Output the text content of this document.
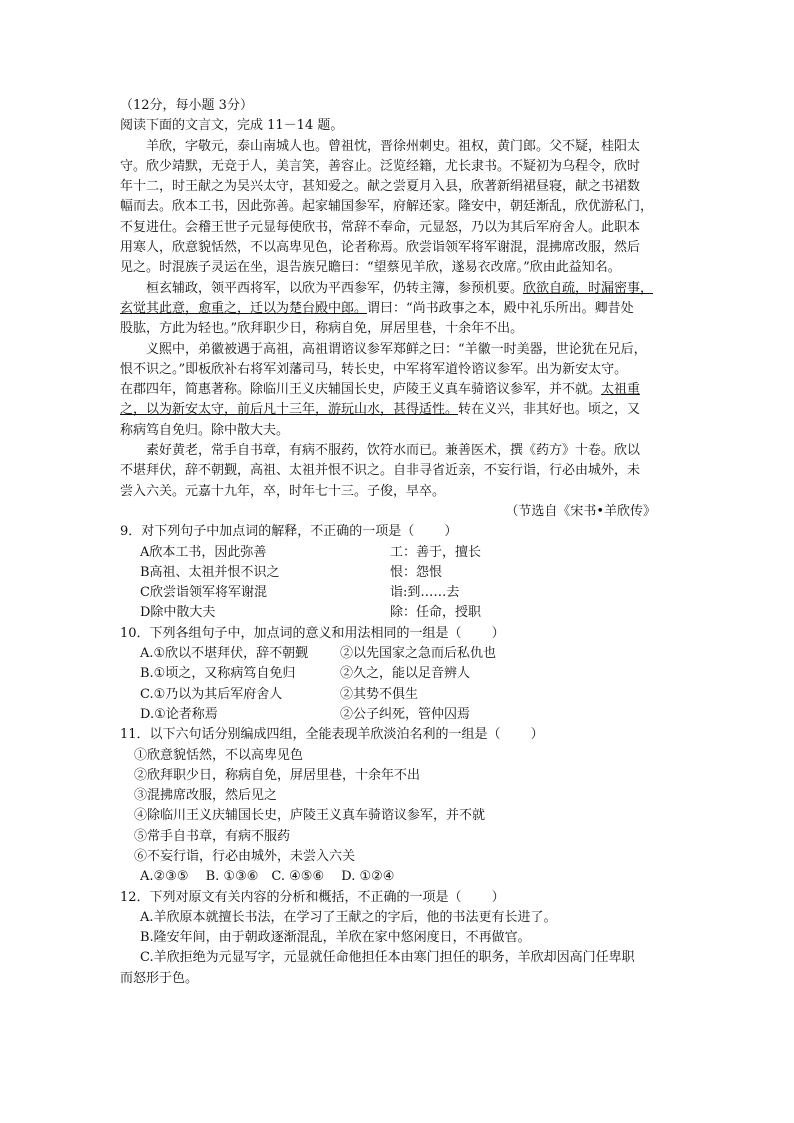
（12分，每小题 3分）
阅读下面的文言文，完成 11－14 题。
羊欣，字敬元，泰山南城人也。曾祖忱，晋徐州刺史。祖权，黄门郎。父不疑，桂阳太
守。欣少靖默，无竞于人，美言笑，善容止。泛览经籍，尤长隶书。不疑初为乌程令，欣时
年十二，时王献之为吴兴太守，甚知爱之。献之尝夏月入县，欣著新绢裙昼寝，献之书裙数
幅而去。欣本工书，因此弥善。起家辅国参军，府解还家。隆安中，朝廷渐乱，欣优游私门，
不复进仕。会稽王世子元显每使欣书，常辞不奉命，元显怒，乃以为其后军府舍人。此职本
用寒人，欣意貌恬然，不以高卑见色，论者称焉。欣尝诣领军将军谢混，混拂席改服，然后
见之。时混族子灵运在坐，退告族兄瞻曰：“望蔡见羊欣，遂易衣改席。”欣由此益知名。
桓玄辅政，领平西将军，以欣为平西参军，仍转主簿，参预机要。欣欲自疏，时漏密事，
玄觉其此意，愈重之，迁以为楚台殿中郎。谓曰：“尚书政事之本，殿中礼乐所出。卿昔处
股肱，方此为轻也。”欣拜职少日，称病自免，屏居里巷，十余年不出。
义熙中，弟徽被遇于高祖，高祖谓谘议参军郑鲜之曰：“羊徽一时美器，世论犹在兄后，
恨不识之。”即板欣补右将军刘藩司马，转长史，中军将军道怜谘议参军。出为新安太守。
在郡四年，简惠著称。除临川王义庆辅国长史，庐陵王义真车骑谘议参军，并不就。太祖重
之，以为新安太守，前后凡十三年，游玩山水，甚得适性。转在义兴，非其好也。顷之，又
称病笃自免归。除中散大夫。
素好黄老，常手自书章，有病不服药，饮符水而已。兼善医术，撰《药方》十卷。欣以
不堪拜伏，辞不朝觐，高祖、太祖并恨不识之。自非寻省近亲，不妄行诣，行必由城外，未
尝入六关。元嘉十九年，卒，时年七十三。子俊，早卒。
（节选自《宋书•羊欣传》
9．对下列句子中加点词的解释，不正确的一项是（　　 ）
A欣本工书，因此弥善	工：善于，擅长
B高祖、太祖并恨不识之	恨：怨恨
C欣尝诣领军将军谢混	诣:到……去
D除中散大夫	除：任命，授职
10．下列各组句子中，加点词的意义和用法相同的一组是（　　 ）
A.①欣以不堪拜伏，辞不朝觐	②以先国家之急而后私仇也
B.①顷之，又称病笃自免归	②久之，能以足音辨人
C.①乃以为其后军府舍人	②其势不俱生
D.①论者称焉	②公子纠死，管仲囚焉
11．以下六句话分别编成四组，全能表现羊欣淡泊名利的一组是（　　 ）
①欣意貌恬然，不以高卑见色
②欣拜职少日，称病自免，屏居里巷，十余年不出
③混拂席改服，然后见之
④除临川王义庆辅国长史，庐陵王义真车骑谘议参军，并不就
⑤常手自书章，有病不服药
⑥不妄行诣，行必由城外，未尝入六关
A.②③⑤　 B. ①③⑥　C. ④⑤⑥　 D. ①②④
12．下列对原文有关内容的分析和概括，不正确的一项是（　　 ）
A.羊欣原本就擅长书法，在学习了王献之的字后，他的书法更有长进了。
B.隆安年间，由于朝政逐渐混乱，羊欣在家中悠闲度日，不再做官。
C.羊欣拒绝为元显写字，元显就任命他担任本由寒门担任的职务，羊欣却因高门任卑职
而怒形于色。
